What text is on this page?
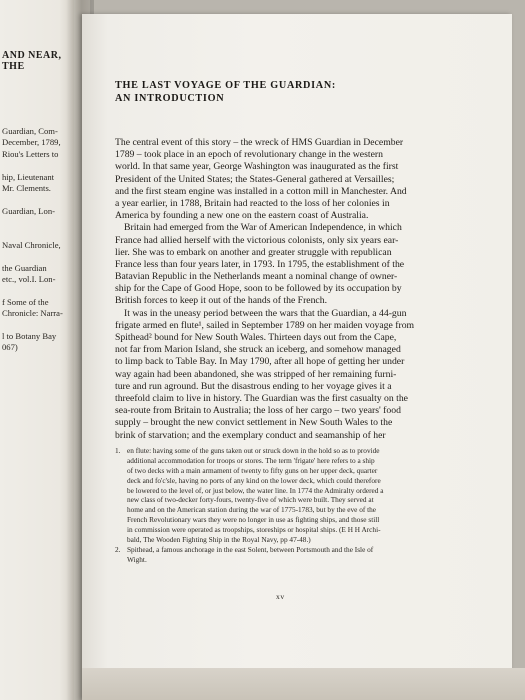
AND NEAR,
THE
Guardian, Com-
December, 1789,
Riou's Letters to
hip, Lieutenant
Mr. Clements.
Guardian, Lon-
Naval Chronicle,
the Guardian
etc., vol.I. Lon-
f Some of the
Chronicle: Narra-
l to Botany Bay
067)
THE LAST VOYAGE OF THE GUARDIAN:
AN INTRODUCTION
The central event of this story – the wreck of HMS Guardian in December
1789 – took place in an epoch of revolutionary change in the western
world. In that same year, George Washington was inaugurated as the first
President of the United States; the States-General gathered at Versailles;
and the first steam engine was installed in a cotton mill in Manchester. And
a year earlier, in 1788, Britain had reacted to the loss of her colonies in
America by founding a new one on the eastern coast of Australia.
Britain had emerged from the War of American Independence, in which
France had allied herself with the victorious colonists, only six years ear-
lier. She was to embark on another and greater struggle with republican
France less than four years later, in 1793. In 1795, the establishment of the
Batavian Republic in the Netherlands meant a nominal change of owner-
ship for the Cape of Good Hope, soon to be followed by its occupation by
British forces to keep it out of the hands of the French.
It was in the uneasy period between the wars that the Guardian, a 44-gun
frigate armed en flute¹, sailed in September 1789 on her maiden voyage from
Spithead² bound for New South Wales. Thirteen days out from the Cape,
not far from Marion Island, she struck an iceberg, and somehow managed
to limp back to Table Bay. In May 1790, after all hope of getting her under
way again had been abandoned, she was stripped of her remaining furni-
ture and run aground. But the disastrous ending to her voyage gives it a
threefold claim to live in history. The Guardian was the first casualty on the
sea-route from Britain to Australia; the loss of her cargo – two years' food
supply – brought the new convict settlement in New South Wales to the
brink of starvation; and the exemplary conduct and seamanship of her
1. en flute: having some of the guns taken out or struck down in the hold so as to provide
additional accommodation for troops or stores. The term 'frigate' here refers to a ship
of two decks with a main armament of twenty to fifty guns on her upper deck, quarter
deck and fo'c'sle, having no ports of any kind on the lower deck, which could therefore
be lowered to the level of, or just below, the water line. In 1774 the Admiralty ordered a
new class of two-decker forty-fours, twenty-five of which were built. They served at
home and on the American station during the war of 1775-1783, but by the eve of the
French Revolutionary wars they were no longer in use as fighting ships, and those still
in commission were operated as troopships, storeships or hospital ships. (E H H Archi-
bald, The Wooden Fighting Ship in the Royal Navy, pp 47-48.)
2. Spithead, a famous anchorage in the east Solent, between Portsmouth and the Isle of
Wight.
xv
